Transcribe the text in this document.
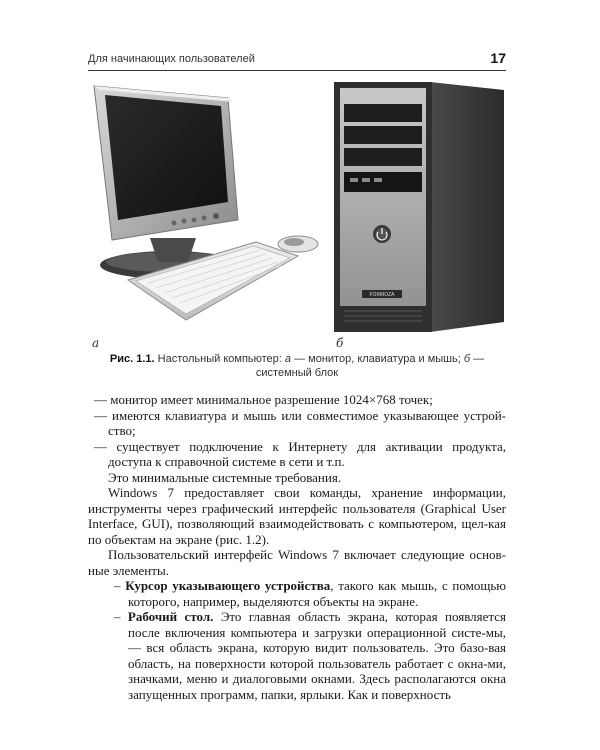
Для начинающих пользователей	17
FORMOZA
а	б
Рис. 1.1. Настольный компьютер: а — монитор, клавиатура и мышь; б — системный блок

— монитор имеет минимальное разрешение 1024×768 точек;

— имеются клавиатура и мышь или совместимое указывающее устрой-ство;

— существует подключение к Интернету для активации продукта, доступа к справочной системе в сети и т.п.

Это минимальные системные требования.

Windows 7 предоставляет свои команды, хранение информации, инструменты через графический интерфейс пользователя (Graphical User Interface, GUI), позволяющий взаимодействовать с компьютером, щел-кая по объектам на экране (рис. 1.2).

Пользовательский интерфейс Windows 7 включает следующие основ-ные элементы.

– Курсор указывающего устройства, такого как мышь, с помощью которого, например, выделяются объекты на экране.

– Рабочий стол. Это главная область экрана, которая появляется после включения компьютера и загрузки операционной систе-мы, — вся область экрана, которую видит пользователь. Это базо-вая область, на поверхности которой пользователь работает с окна-ми, значками, меню и диалоговыми окнами. Здесь располагаются окна запущенных программ, папки, ярлыки. Как и поверхность
